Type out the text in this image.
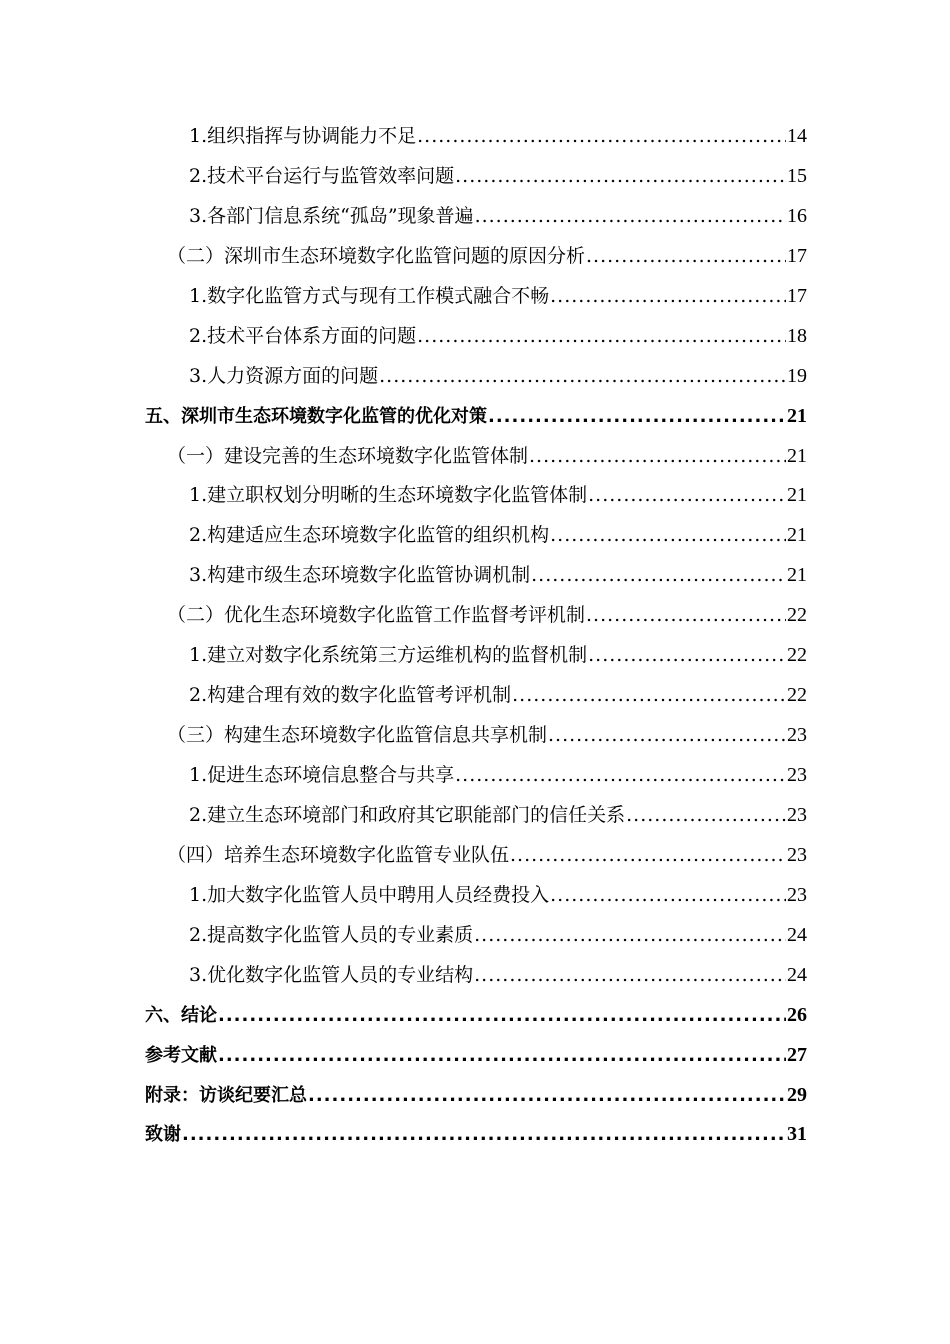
1.组织指挥与协调能力不足 .....	14
2.技术平台运行与监管效率问题 .....	15
3.各部门信息系统“孤岛”现象普遍 .....	16
（二）深圳市生态环境数字化监管问题的原因分析 .....	17
1.数字化监管方式与现有工作模式融合不畅 .....	17
2.技术平台体系方面的问题 .....	18
3.人力资源方面的问题 .....	19
五、深圳市生态环境数字化监管的优化对策 .....	21
（一）建设完善的生态环境数字化监管体制 .....	21
1.建立职权划分明晰的生态环境数字化监管体制 .....	21
2.构建适应生态环境数字化监管的组织机构 .....	21
3.构建市级生态环境数字化监管协调机制 .....	21
（二）优化生态环境数字化监管工作监督考评机制 .....	22
1.建立对数字化系统第三方运维机构的监督机制 .....	22
2.构建合理有效的数字化监管考评机制 .....	22
（三）构建生态环境数字化监管信息共享机制 .....	23
1.促进生态环境信息整合与共享 .....	23
2.建立生态环境部门和政府其它职能部门的信任关系 .....	23
（四）培养生态环境数字化监管专业队伍 .....	23
1.加大数字化监管人员中聘用人员经费投入 .....	23
2.提高数字化监管人员的专业素质 .....	24
3.优化数字化监管人员的专业结构 .....	24
六、结论 .....	26
参考文献 .....	27
附录：访谈纪要汇总 .....	29
致谢 .....	31
